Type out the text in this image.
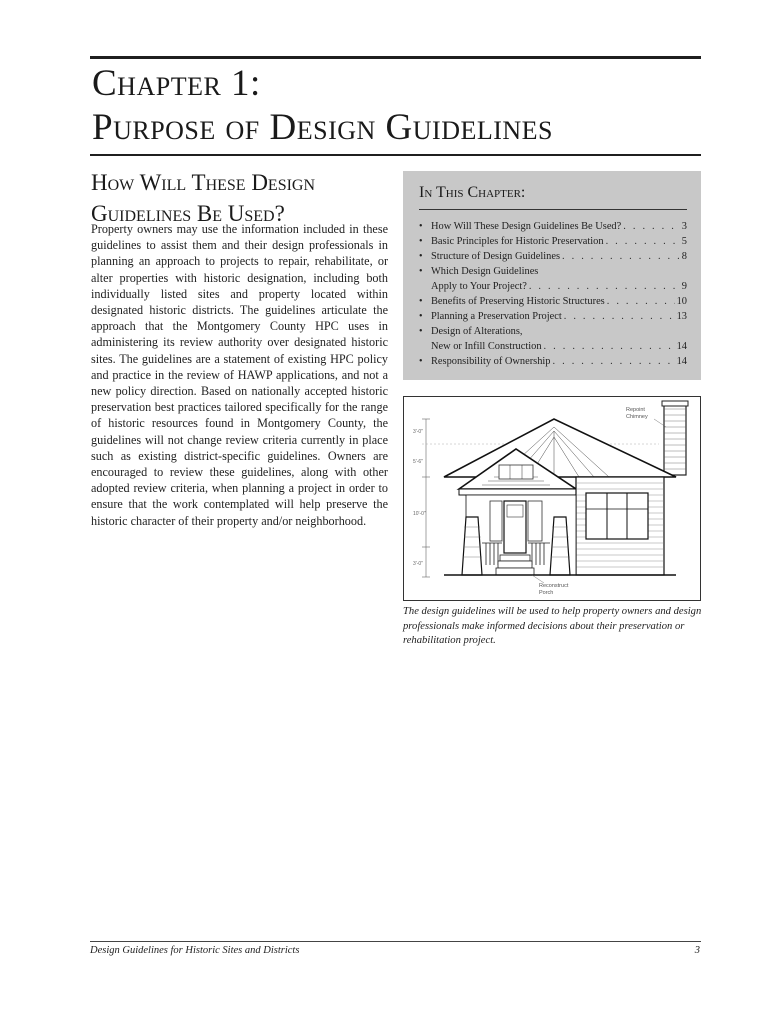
Chapter 1:
Purpose of Design Guidelines
How Will These Design
Guidelines Be Used?
Property owners may use the information included in these guidelines to assist them and their design professionals in planning an approach to projects to repair, rehabilitate, or alter properties with historic designation, including both individually listed sites and property located within designated historic districts. The guidelines articulate the approach that the Montgomery County HPC uses in administering its review authority over designated historic sites. The guidelines are a statement of existing HPC policy and practice in the review of HAWP applications, and not a new policy direction. Based on nationally accepted historic preservation best practices tailored specifically for the range of historic resources found in Montgomery County, the guidelines will not change review criteria currently in place such as existing district-specific guidelines. Owners are encouraged to review these guidelines, along with other adopted review criteria, when planning a project in order to ensure that the work contemplated will help preserve the historic character of their property and/or neighborhood.
In This Chapter:
• How Will These Design Guidelines Be Used? . . .	3
• Basic Principles for Historic Preservation . . .	5
• Structure of Design Guidelines . . .	8
• Which Design Guidelines
Apply to Your Project? . . .	9
• Benefits of Preserving Historic Structures . . .	10
• Planning a Preservation Project . . .	13
• Design of Alterations,
New or Infill Construction . . .	14
• Responsibility of Ownership . . .	14
3'-0"
5'-6"
10'-0"
3'-0"
Repoint
Chimney
Reconstruct
Porch
The design guidelines will be used to help property owners and design professionals make informed decisions about their preservation or rehabilitation project.
Design Guidelines for Historic Sites and Districts	3
